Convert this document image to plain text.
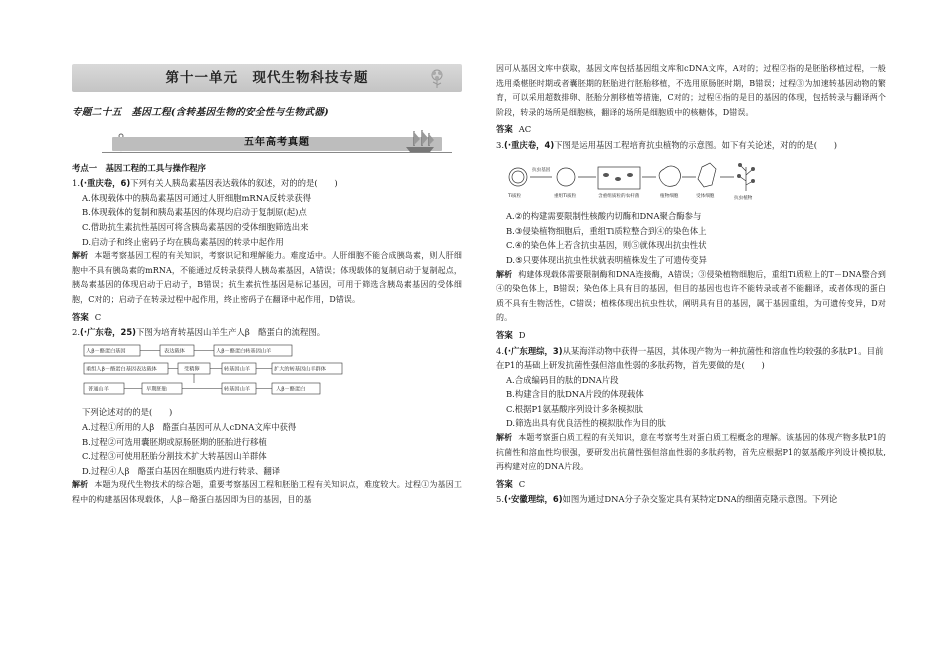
第十一单元　现代生物科技专题
专题二十五　基因工程(含转基因生物的安全性与生物武器)
五年高考真题
考点一　基因工程的工具与操作程序
1.(·重庆卷，6)下列有关人胰岛素基因表达载体的叙述，对的的是(　　)
A.体现载体中的胰岛素基因可通过人肝细胞mRNA反转录获得
B.体现载体的复制和胰岛素基因的体现均启动于复制原(起)点
C.借助抗生素抗性基因可将含胰岛素基因的受体细胞筛选出来
D.启动子和终止密码子均在胰岛素基因的转录中起作用
解析 本题考察基因工程的有关知识，考察识记和理解能力。难度适中。人肝细胞不能合成胰岛素，则人肝细胞中不具有胰岛素的mRNA，不能通过反转录获得人胰岛素基因，A错误；体现载体的复制启动于复制起点，胰岛素基因的体现启动于启动子，B错误；抗生素抗性基因是标记基因，可用于筛选含胰岛素基因的受体细胞，C对的；启动子在转录过程中起作用，终止密码子在翻译中起作用，D错误。
答案 C
2.(·广东卷，25)下图为培育转基因山羊生产人β　酪蛋白的流程图。
人β－酪蛋白基因	表达载体	人β－酪蛋白转基因山羊
重组人β－酪蛋白基因表达载体	受精卵	转基因山羊	扩大的转基因山羊群体
普通山羊	早期胚胎	转基因山羊	人β－酪蛋白
下列论述对的的是(　　)
A.过程①所用的人β　酪蛋白基因可从人cDNA文库中获得
B.过程②可选用囊胚期或原肠胚期的胚胎进行移植
C.过程③可使用胚胎分割技术扩大转基因山羊群体
D.过程④人β　酪蛋白基因在细胞质内进行转录、翻译
解析 本题为现代生物技术的综合题，重要考察基因工程和胚胎工程有关知识点，难度较大。过程①为基因工程中的构建基因体现载体，人β－酪蛋白基因即为目的基因，目的基
因可从基因文库中获取，基因文库包括基因组文库和cDNA文库，A对的；过程②指的是胚胎移植过程，一般选用桑椹胚时期或者囊胚期的胚胎进行胚胎移植，不选用原肠胚时期，B错误；过程③为加速转基因动物的繁育，可以采用超数排卵、胚胎分割移植等措施，C对的；过程④指的是目的基因的体现，包括转录与翻译两个阶段，转录的场所是细胞核，翻译的场所是细胞质中的核糖体，D错误。
答案 AC
3.(·重庆卷，4)下图是运用基因工程培育抗虫植物的示意图。如下有关论述，对的的是(　　)
Ti质粒
抗虫基因
重组Ti质粒	含重组质粒的农杆菌	植物细胞	受体细胞	抗虫植物
A.②的构建需要限制性核酸内切酶和DNA聚合酶参与
B.③侵染植物细胞后，重组Ti质粒整合到④的染色体上
C.④的染色体上若含抗虫基因，则⑤就体现出抗虫性状
D.⑤只要体现出抗虫性状就表明植株发生了可遗传变异
解析 构建体现载体需要限制酶和DNA连接酶，A错误；③侵染植物细胞后，重组Ti质粒上的T－DNA整合到④的染色体上，B错误；染色体上具有目的基因，但目的基因也也许不能转录或者不能翻译，或者体现的蛋白质不具有生物活性，C错误；植株体现出抗虫性状，阐明具有目的基因，属于基因重组，为可遗传变异，D对的。
答案 D
4.(·广东理综，3)从某海洋动物中获得一基因，其体现产物为一种抗菌性和溶血性均较强的多肽P1。目前在P1的基础上研发抗菌性强但溶血性弱的多肽药物，首先要做的是(　　)
A.合成编码目的肽的DNA片段
B.构建含目的肽DNA片段的体现载体
C.根据P1氨基酸序列设计多条模拟肽
D.筛选出具有优良活性的模拟肽作为目的肽
解析 本题考察蛋白质工程的有关知识，意在考察考生对蛋白质工程概念的理解。该基因的体现产物多肽P1的抗菌性和溶血性均很强，要研发出抗菌性强但溶血性弱的多肽药物，首先应根据P1的氨基酸序列设计模拟肽,再构建对应的DNA片段。
答案 C
5.(·安徽理综，6)如图为通过DNA分子杂交鉴定具有某特定DNA的细菌克隆示意图。下列论
